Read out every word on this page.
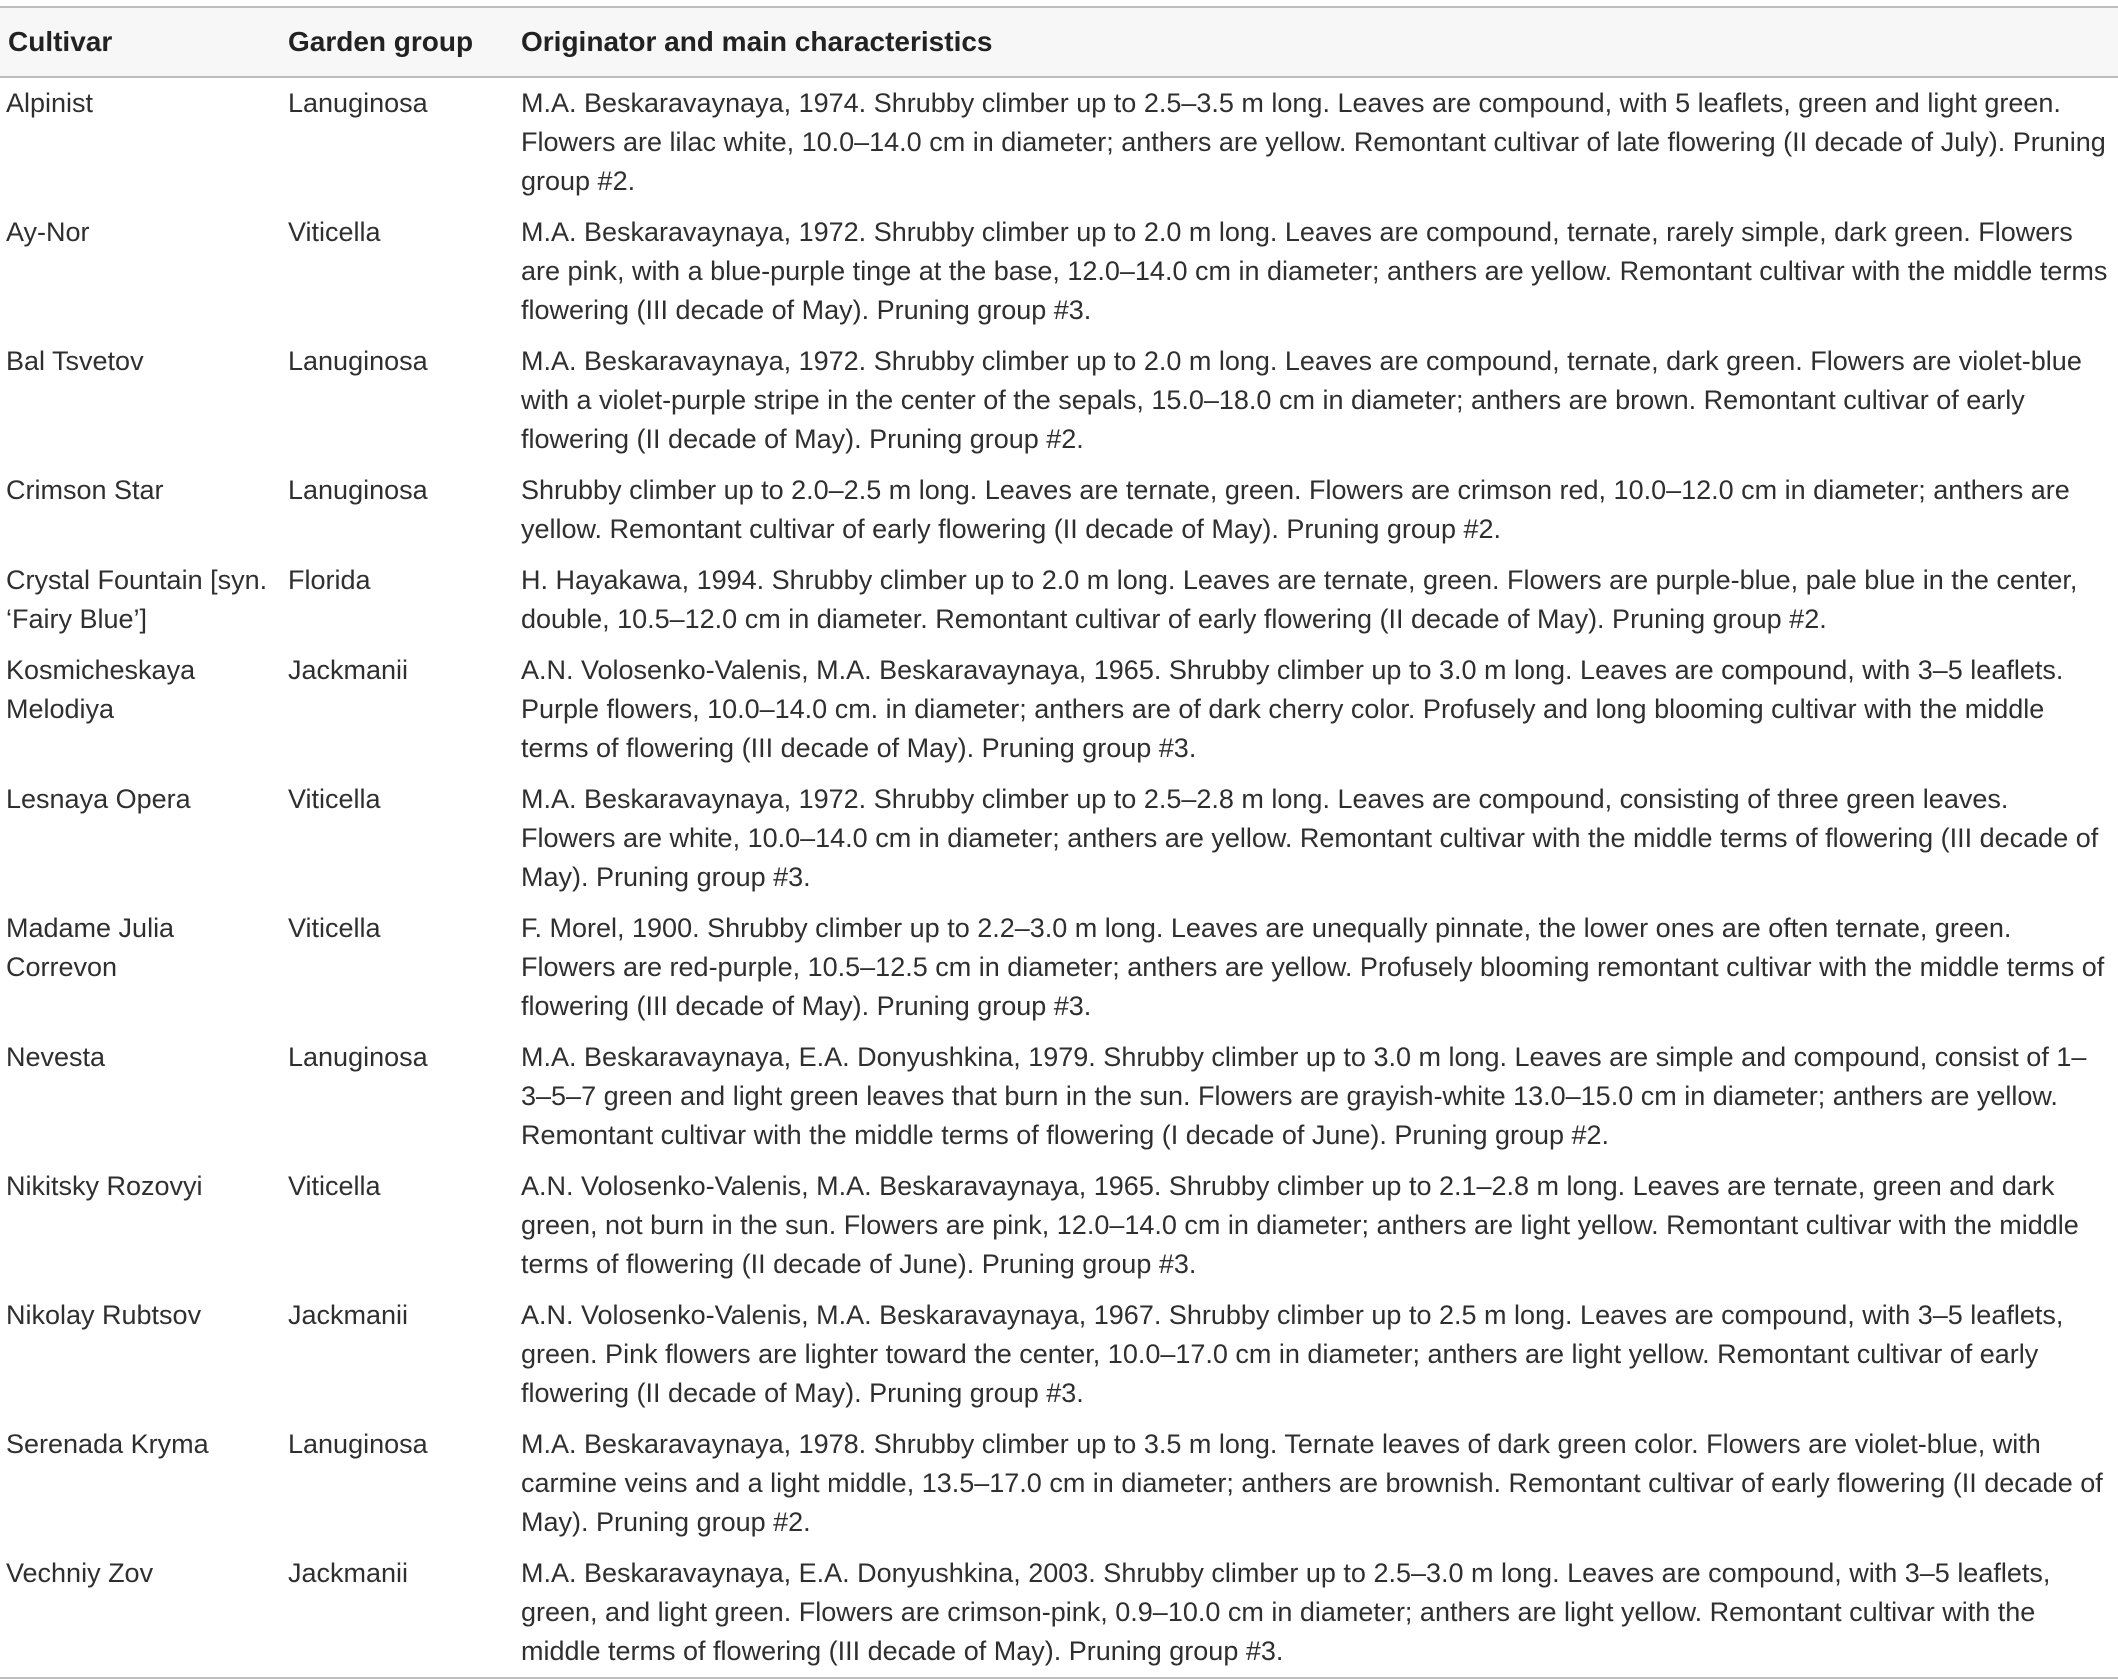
Cultivar	Garden group	Originator and main characteristics
Alpinist	Lanuginosa	M.A. Beskaravaynaya, 1974. Shrubby climber up to 2.5–3.5 m long. Leaves are compound, with 5 leaflets, green and light green. Flowers are lilac white, 10.0–14.0 cm in diameter; anthers are yellow. Remontant cultivar of late flowering (II decade of July). Pruning group #2.
Ay-Nor	Viticella	M.A. Beskaravaynaya, 1972. Shrubby climber up to 2.0 m long. Leaves are compound, ternate, rarely simple, dark green. Flowers are pink, with a blue-purple tinge at the base, 12.0–14.0 cm in diameter; anthers are yellow. Remontant cultivar with the middle terms flowering (III decade of May). Pruning group #3.
Bal Tsvetov	Lanuginosa	M.A. Beskaravaynaya, 1972. Shrubby climber up to 2.0 m long. Leaves are compound, ternate, dark green. Flowers are violet-blue with a violet-purple stripe in the center of the sepals, 15.0–18.0 cm in diameter; anthers are brown. Remontant cultivar of early flowering (II decade of May). Pruning group #2.
Crimson Star	Lanuginosa	Shrubby climber up to 2.0–2.5 m long. Leaves are ternate, green. Flowers are crimson red, 10.0–12.0 cm in diameter; anthers are yellow. Remontant cultivar of early flowering (II decade of May). Pruning group #2.
Crystal Fountain [syn. ‘Fairy Blue’]	Florida	H. Hayakawa, 1994. Shrubby climber up to 2.0 m long. Leaves are ternate, green. Flowers are purple-blue, pale blue in the center, double, 10.5–12.0 cm in diameter. Remontant cultivar of early flowering (II decade of May). Pruning group #2.
Kosmicheskaya Melodiya	Jackmanii	A.N. Volosenko-Valenis, M.A. Beskaravaynaya, 1965. Shrubby climber up to 3.0 m long. Leaves are compound, with 3–5 leaflets. Purple flowers, 10.0–14.0 cm. in diameter; anthers are of dark cherry color. Profusely and long blooming cultivar with the middle terms of flowering (III decade of May). Pruning group #3.
Lesnaya Opera	Viticella	M.A. Beskaravaynaya, 1972. Shrubby climber up to 2.5–2.8 m long. Leaves are compound, consisting of three green leaves. Flowers are white, 10.0–14.0 cm in diameter; anthers are yellow. Remontant cultivar with the middle terms of flowering (III decade of May). Pruning group #3.
Madame Julia Correvon	Viticella	F. Morel, 1900. Shrubby climber up to 2.2–3.0 m long. Leaves are unequally pinnate, the lower ones are often ternate, green. Flowers are red-purple, 10.5–12.5 cm in diameter; anthers are yellow. Profusely blooming remontant cultivar with the middle terms of flowering (III decade of May). Pruning group #3.
Nevesta	Lanuginosa	M.A. Beskaravaynaya, E.A. Donyushkina, 1979. Shrubby climber up to 3.0 m long. Leaves are simple and compound, consist of 1–3–5–7 green and light green leaves that burn in the sun. Flowers are grayish-white 13.0–15.0 cm in diameter; anthers are yellow. Remontant cultivar with the middle terms of flowering (I decade of June). Pruning group #2.
Nikitsky Rozovyi	Viticella	A.N. Volosenko-Valenis, M.A. Beskaravaynaya, 1965. Shrubby climber up to 2.1–2.8 m long. Leaves are ternate, green and dark green, not burn in the sun. Flowers are pink, 12.0–14.0 cm in diameter; anthers are light yellow. Remontant cultivar with the middle terms of flowering (II decade of June). Pruning group #3.
Nikolay Rubtsov	Jackmanii	A.N. Volosenko-Valenis, M.A. Beskaravaynaya, 1967. Shrubby climber up to 2.5 m long. Leaves are compound, with 3–5 leaflets, green. Pink flowers are lighter toward the center, 10.0–17.0 cm in diameter; anthers are light yellow. Remontant cultivar of early flowering (II decade of May). Pruning group #3.
Serenada Kryma	Lanuginosa	M.A. Beskaravaynaya, 1978. Shrubby climber up to 3.5 m long. Ternate leaves of dark green color. Flowers are violet-blue, with carmine veins and a light middle, 13.5–17.0 cm in diameter; anthers are brownish. Remontant cultivar of early flowering (II decade of May). Pruning group #2.
Vechniy Zov	Jackmanii	M.A. Beskaravaynaya, E.A. Donyushkina, 2003. Shrubby climber up to 2.5–3.0 m long. Leaves are compound, with 3–5 leaflets, green, and light green. Flowers are crimson-pink, 0.9–10.0 cm in diameter; anthers are light yellow. Remontant cultivar with the middle terms of flowering (III decade of May). Pruning group #3.
